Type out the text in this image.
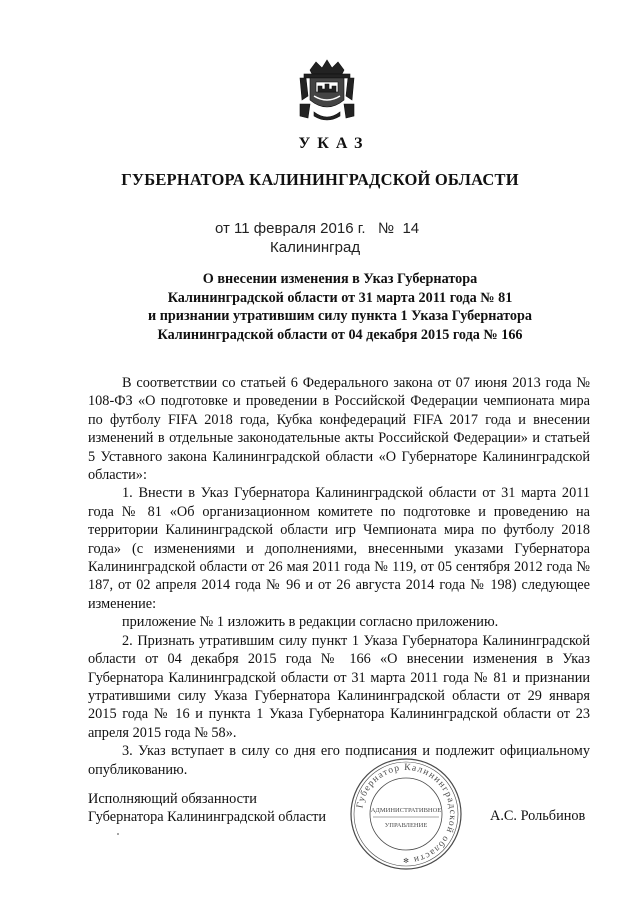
УКАЗ
ГУБЕРНАТОРА КАЛИНИНГРАДСКОЙ ОБЛАСТИ
от 11 февраля 2016 г.   №  14
Калининград
О внесении изменения в Указ Губернатора
Калининградской области от 31 марта 2011 года № 81
и признании утратившим силу пункта 1 Указа Губернатора
Калининградской области от 04 декабря 2015 года № 166

В соответствии со статьей 6 Федерального закона от 07 июня 2013 года № 108-ФЗ «О подготовке и проведении в Российской Федерации чемпионата мира по футболу FIFA 2018 года, Кубка конфедераций FIFA 2017 года и внесении изменений в отдельные законодательные акты Российской Федерации» и статьей 5 Уставного закона Калининградской области «О Губернаторе Калининградской области»:

1. Внести в Указ Губернатора Калининградской области от 31 марта 2011 года № 81 «Об организационном комитете по подготовке и проведению на территории Калининградской области игр Чемпионата мира по футболу 2018 года» (с изменениями и дополнениями, внесенными указами Губернатора Калининградской области от 26 мая 2011 года № 119, от 05 сентября 2012 года № 187, от 02 апреля 2014 года № 96 и от 26 августа 2014 года № 198) следующее изменение:

приложение № 1 изложить в редакции согласно приложению.

2. Признать утратившим силу пункт 1 Указа Губернатора Калининградской области от 04 декабря 2015 года № 166 «О внесении изменения в Указ Губернатора Калининградской области от 31 марта 2011 года № 81 и признании утратившими силу Указа Губернатора Калининградской области от 29 января 2015 года № 16 и пункта 1 Указа Губернатора Калининградской области от 23 апреля 2015 года № 58».

3. Указ вступает в силу со дня его подписания и подлежит официальному опубликованию.

Исполняющий обязанности
Губернатора Калининградской области	А.С. Рольбинов
Губернатор Калининградской области
АДМИНИСТРАТИВНОЕ
УПРАВЛЕНИЕ
✻
